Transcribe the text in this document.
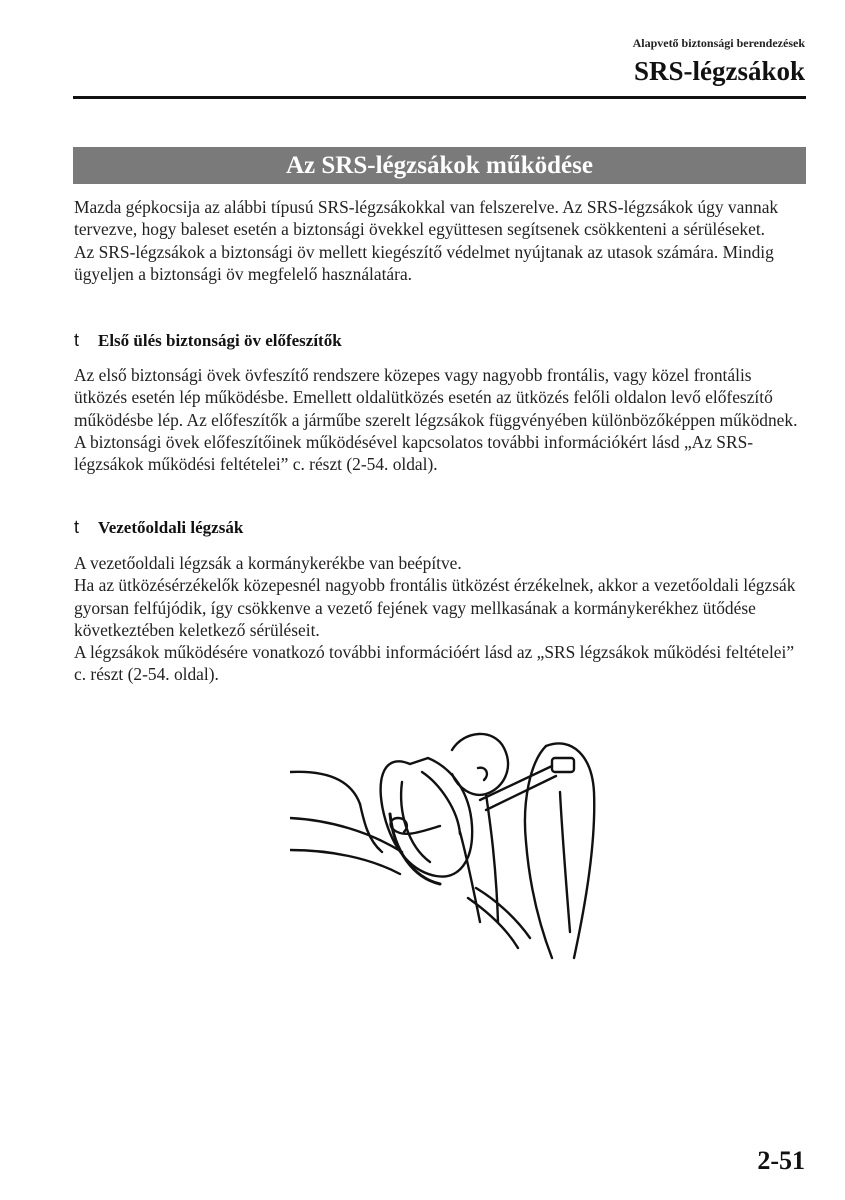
Alapvető biztonsági berendezések
SRS-légzsákok
Az SRS-légzsákok működése

Mazda gépkocsija az alábbi típusú SRS-légzsákokkal van felszerelve. Az SRS-légzsákok úgy vannak tervezve, hogy baleset esetén a biztonsági övekkel együttesen segítsenek csökkenteni a sérüléseket.

Az SRS-légzsákok a biztonsági öv mellett kiegészítő védelmet nyújtanak az utasok számára. Mindig ügyeljen a biztonsági öv megfelelő használatára.

t	Első ülés biztonsági öv előfeszítők

Az első biztonsági övek övfeszítő rendszere közepes vagy nagyobb frontális, vagy közel frontális ütközés esetén lép működésbe. Emellett oldalütközés esetén az ütközés felőli oldalon levő előfeszítő működésbe lép. Az előfeszítők a járműbe szerelt légzsákok függvényében különbözőképpen működnek. A biztonsági övek előfeszítőinek működésével kapcsolatos további információkért lásd „Az SRS-légzsákok működési feltételei” c. részt (2-54. oldal).

t	Vezetőoldali légzsák

A vezetőoldali légzsák a kormánykerékbe van beépítve.

Ha az ütközésérzékelők közepesnél nagyobb frontális ütközést érzékelnek, akkor a vezetőoldali légzsák gyorsan felfújódik, így csökkenve a vezető fejének vagy mellkasának a kormánykerékhez ütődése következtében keletkező sérüléseit.

A légzsákok működésére vonatkozó további információért lásd az „SRS légzsákok működési feltételei” c. részt (2-54. oldal).

2-51
